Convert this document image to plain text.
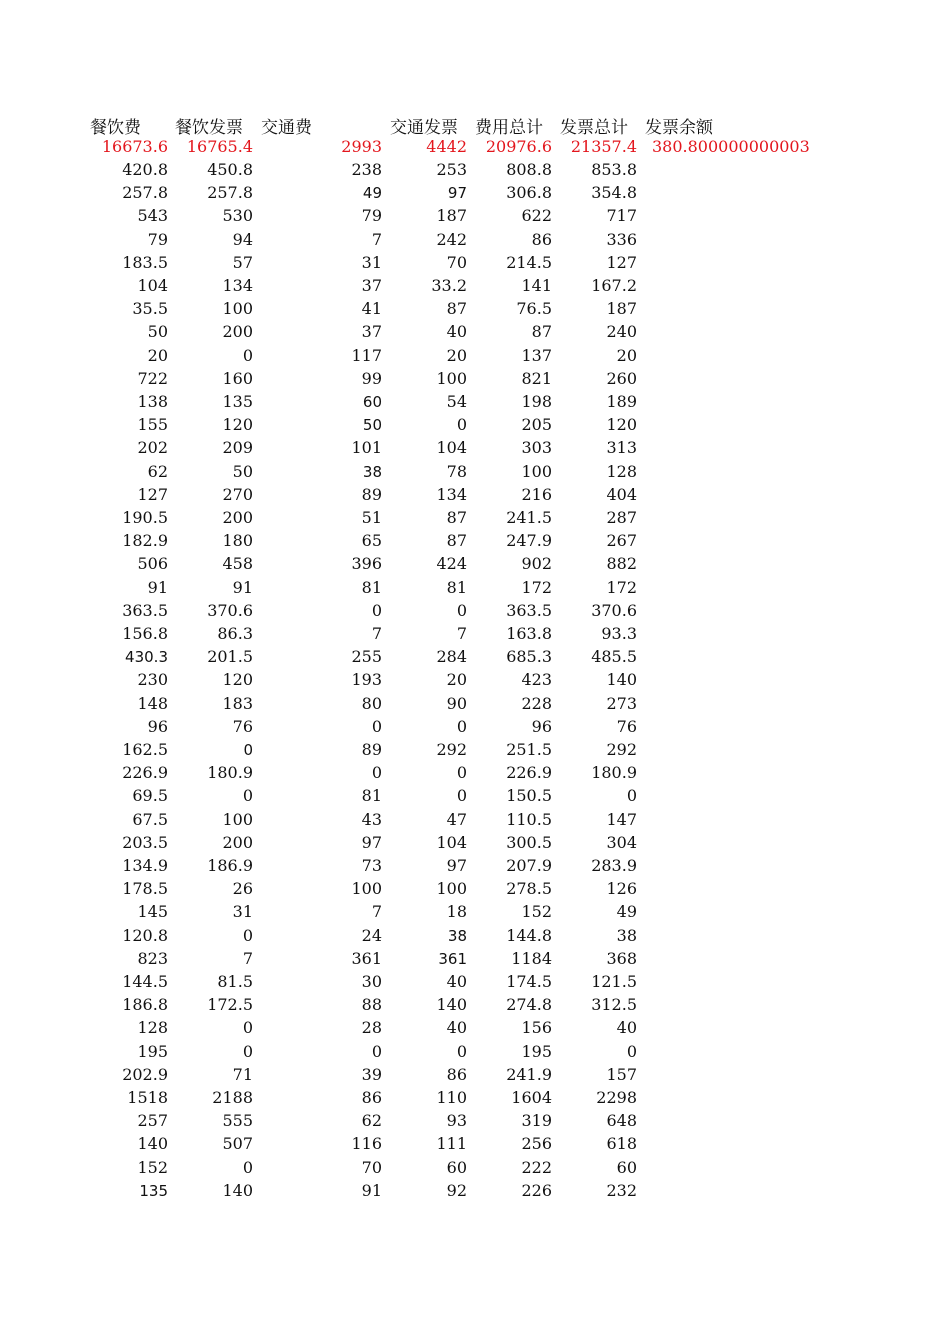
餐饮费 餐饮发票 交通费	交通发票 费用总计 发票总计 发票余额
16673.6	16765.4	2993	4442	20976.6	21357.4 380.800000000003
420.8	450.8	238	253	808.8	853.8
257.8	257.8	49	97	306.8	354.8
543	530	79	187	622	717
79	94	7	242	86	336
183.5	57	31	70	214.5	127
104	134	37	33.2	141	167.2
35.5	100	41	87	76.5	187
50	200	37	40	87	240
20	0	117	20	137	20
722	160	99	100	821	260
138	135	60	54	198	189
155	120	50	0	205	120
202	209	101	104	303	313
62	50	38	78	100	128
127	270	89	134	216	404
190.5	200	51	87	241.5	287
182.9	180	65	87	247.9	267
506	458	396	424	902	882
91	91	81	81	172	172
363.5	370.6	0	0	363.5	370.6
156.8	86.3	7	7	163.8	93.3
430.3	201.5	255	284	685.3	485.5
230	120	193	20	423	140
148	183	80	90	228	273
96	76	0	0	96	76
162.5	0	89	292	251.5	292
226.9	180.9	0	0	226.9	180.9
69.5	0	81	0	150.5	0
67.5	100	43	47	110.5	147
203.5	200	97	104	300.5	304
134.9	186.9	73	97	207.9	283.9
178.5	26	100	100	278.5	126
145	31	7	18	152	49
120.8	0	24	38	144.8	38
823	7	361	361	1184	368
144.5	81.5	30	40	174.5	121.5
186.8	172.5	88	140	274.8	312.5
128	0	28	40	156	40
195	0	0	0	195	0
202.9	71	39	86	241.9	157
1518	2188	86	110	1604	2298
257	555	62	93	319	648
140	507	116	111	256	618
152	0	70	60	222	60
135	140	91	92	226	232
